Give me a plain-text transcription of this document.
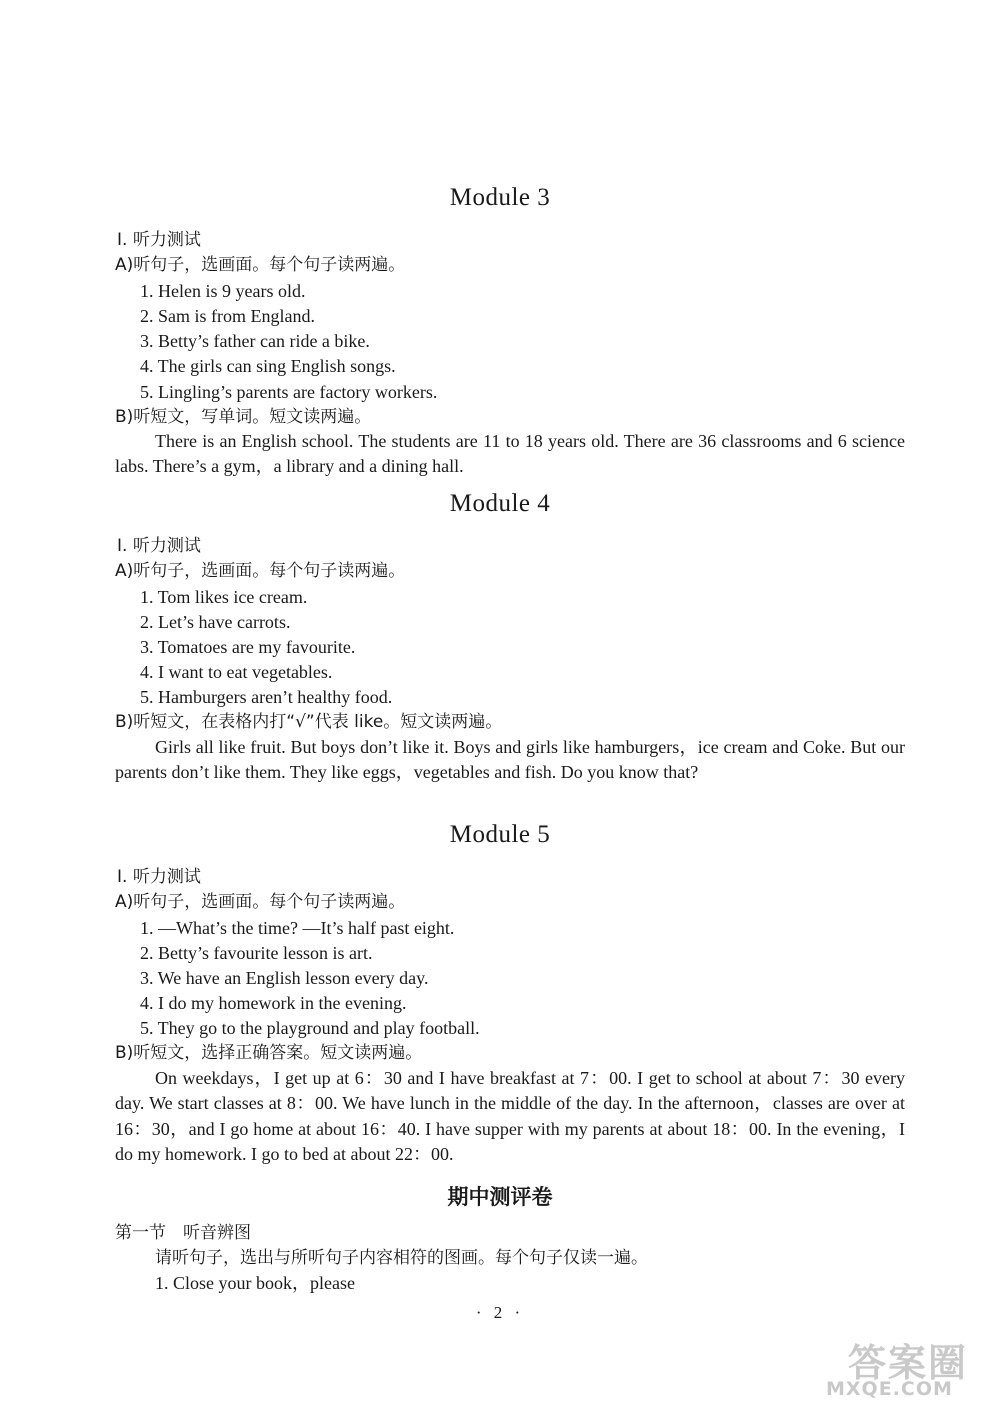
Module 3
Ⅰ. 听力测试
A)听句子，选画面。每个句子读两遍。
1. Helen is 9 years old.
2. Sam is from England.
3. Betty’s father can ride a bike.
4. The girls can sing English songs.
5. Lingling’s parents are factory workers.
B)听短文，写单词。短文读两遍。
There is an English school. The students are 11 to 18 years old. There are 36 classrooms and 6 science labs. There’s a gym，a library and a dining hall.
Module 4
Ⅰ. 听力测试
A)听句子，选画面。每个句子读两遍。
1. Tom likes ice cream.
2. Let’s have carrots.
3. Tomatoes are my favourite.
4. I want to eat vegetables.
5. Hamburgers aren’t healthy food.
B)听短文，在表格内打“√”代表 like。短文读两遍。
Girls all like fruit. But boys don’t like it. Boys and girls like hamburgers，ice cream and Coke. But our parents don’t like them. They like eggs，vegetables and fish. Do you know that?
Module 5
Ⅰ. 听力测试
A)听句子，选画面。每个句子读两遍。
1. —What’s the time? —It’s half past eight.
2. Betty’s favourite lesson is art.
3. We have an English lesson every day.
4. I do my homework in the evening.
5. They go to the playground and play football.
B)听短文，选择正确答案。短文读两遍。
On weekdays，I get up at 6：30 and I have breakfast at 7：00. I get to school at about 7：30 every day. We start classes at 8：00. We have lunch in the middle of the day. In the afternoon，classes are over at 16：30，and I go home at about 16：40. I have supper with my parents at about 18：00. In the evening，I do my homework. I go to bed at about 22：00.
期中测评卷
第一节　听音辨图
请听句子，选出与所听句子内容相符的图画。每个句子仅读一遍。
1. Close your book，please
· 2 ·
答案圈
MXQE.COM
